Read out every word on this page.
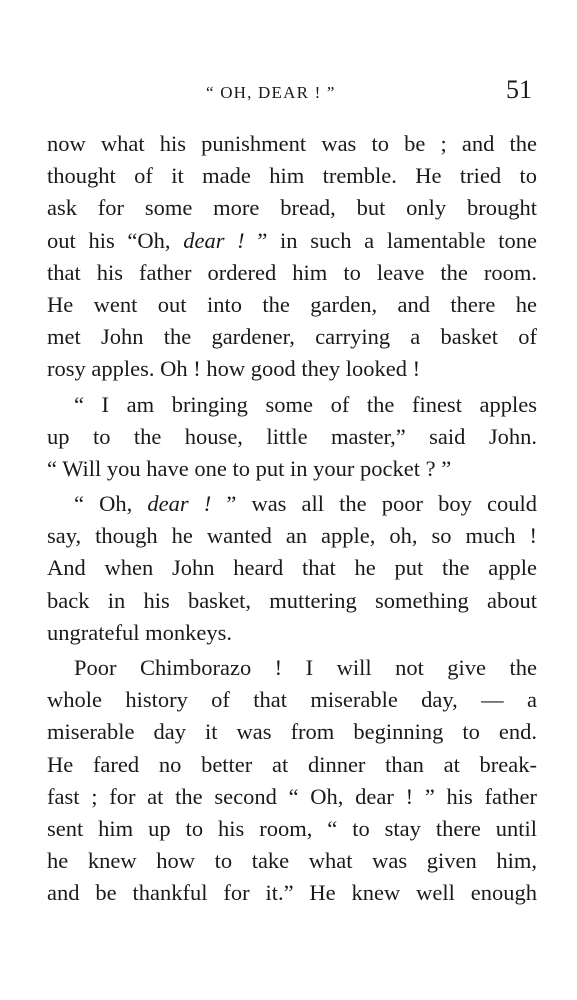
“ OH, DEAR ! ”	51
now what his punishment was to be ; and the
thought of it made him tremble. He tried to
ask for some more bread, but only brought
out his “Oh, dear ! ” in such a lamentable tone
that his father ordered him to leave the room.
He went out into the garden, and there he
met John the gardener, carrying a basket of
rosy apples. Oh ! how good they looked !
“ I am bringing some of the finest apples
up to the house, little master,” said John.
“ Will you have one to put in your pocket ? ”
“ Oh, dear ! ” was all the poor boy could
say, though he wanted an apple, oh, so much !
And when John heard that he put the apple
back in his basket, muttering something about
ungrateful monkeys.
Poor Chimborazo ! I will not give the
whole history of that miserable day, — a
miserable day it was from beginning to end.
He fared no better at dinner than at break-
fast ; for at the second “ Oh, dear ! ” his father
sent him up to his room, “ to stay there until
he knew how to take what was given him,
and be thankful for it.” He knew well enough
